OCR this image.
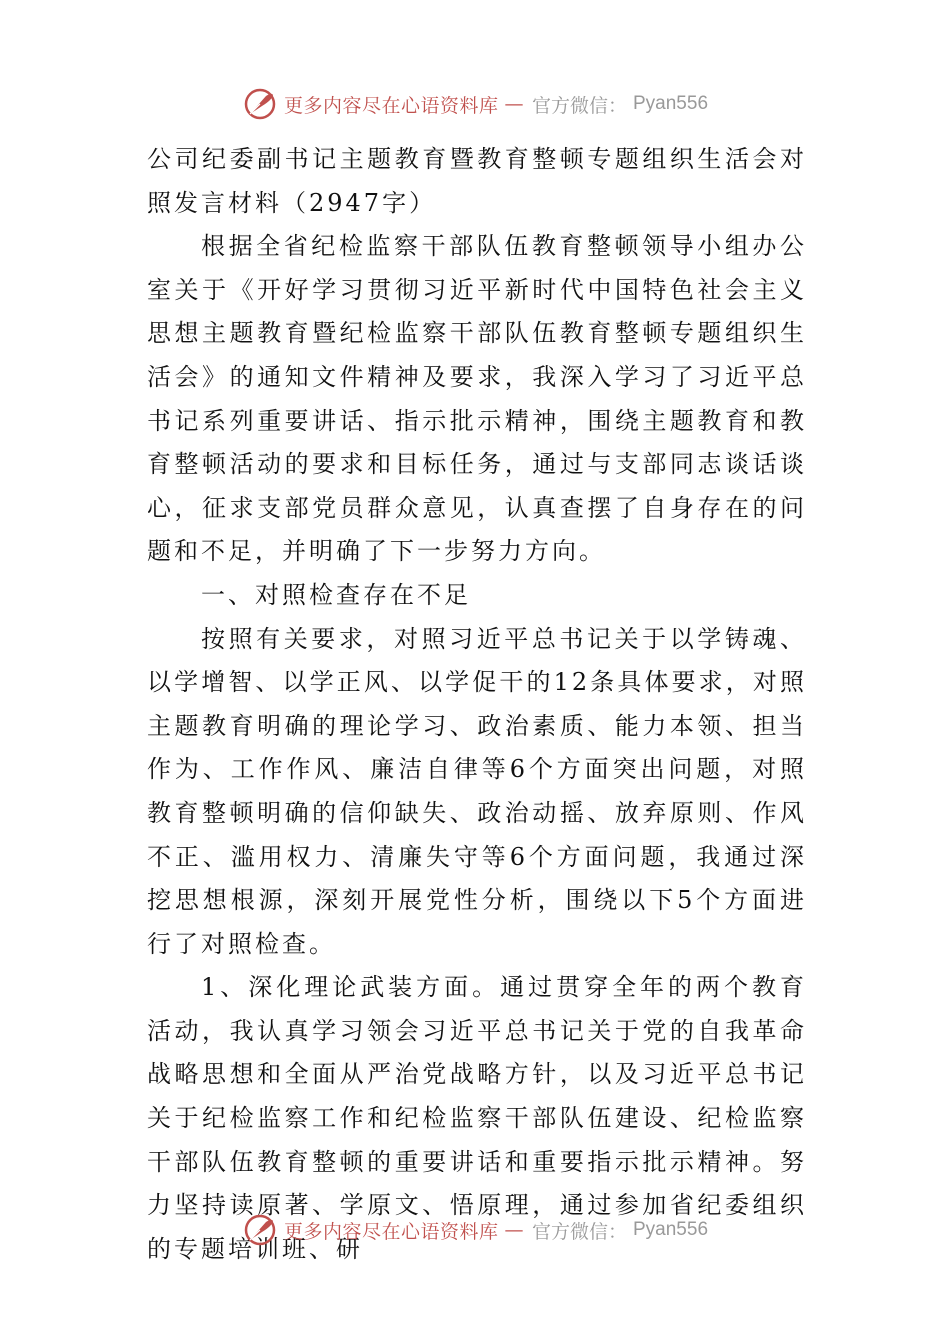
更多内容尽在心语资料库 — 官方微信： Pyan556

公司纪委副书记主题教育暨教育整顿专题组织生活会对照发言材料（2947字）

根据全省纪检监察干部队伍教育整顿领导小组办公室关于《开好学习贯彻习近平新时代中国特色社会主义思想主题教育暨纪检监察干部队伍教育整顿专题组织生活会》的通知文件精神及要求，我深入学习了习近平总书记系列重要讲话、指示批示精神，围绕主题教育和教育整顿活动的要求和目标任务，通过与支部同志谈话谈心，征求支部党员群众意见，认真查摆了自身存在的问题和不足，并明确了下一步努力方向。

一、对照检查存在不足

按照有关要求，对照习近平总书记关于以学铸魂、以学增智、以学正风、以学促干的12条具体要求，对照主题教育明确的理论学习、政治素质、能力本领、担当作为、工作作风、廉洁自律等6个方面突出问题，对照教育整顿明确的信仰缺失、政治动摇、放弃原则、作风不正、滥用权力、清廉失守等6个方面问题，我通过深挖思想根源，深刻开展党性分析，围绕以下5个方面进行了对照检查。

1、深化理论武装方面。通过贯穿全年的两个教育活动，我认真学习领会习近平总书记关于党的自我革命战略思想和全面从严治党战略方针，以及习近平总书记关于纪检监察工作和纪检监察干部队伍建设、纪检监察干部队伍教育整顿的重要讲话和重要指示批示精神。努力坚持读原著、学原文、悟原理，通过参加省纪委组织的专题培训班、研

更多内容尽在心语资料库 — 官方微信： Pyan556
